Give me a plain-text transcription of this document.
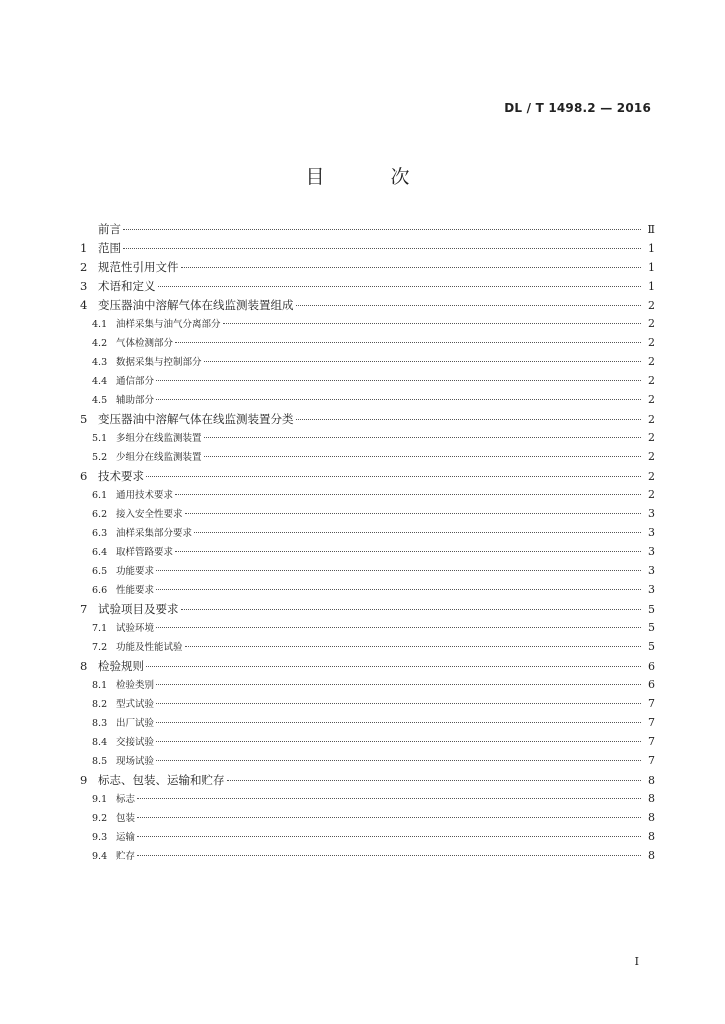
DL / T 1498.2 — 2016
目 次
前言	Ⅱ
1 范围	1
2 规范性引用文件	1
3 术语和定义	1
4 变压器油中溶解气体在线监测装置组成	2
4.1 油样采集与油气分离部分	2
4.2 气体检测部分	2
4.3 数据采集与控制部分	2
4.4 通信部分	2
4.5 辅助部分	2
5 变压器油中溶解气体在线监测装置分类	2
5.1 多组分在线监测装置	2
5.2 少组分在线监测装置	2
6 技术要求	2
6.1 通用技术要求	2
6.2 接入安全性要求	3
6.3 油样采集部分要求	3
6.4 取样管路要求	3
6.5 功能要求	3
6.6 性能要求	3
7 试验项目及要求	5
7.1 试验环境	5
7.2 功能及性能试验	5
8 检验规则	6
8.1 检验类别	6
8.2 型式试验	7
8.3 出厂试验	7
8.4 交接试验	7
8.5 现场试验	7
9 标志、包装、运输和贮存	8
9.1 标志	8
9.2 包装	8
9.3 运输	8
9.4 贮存	8
I
